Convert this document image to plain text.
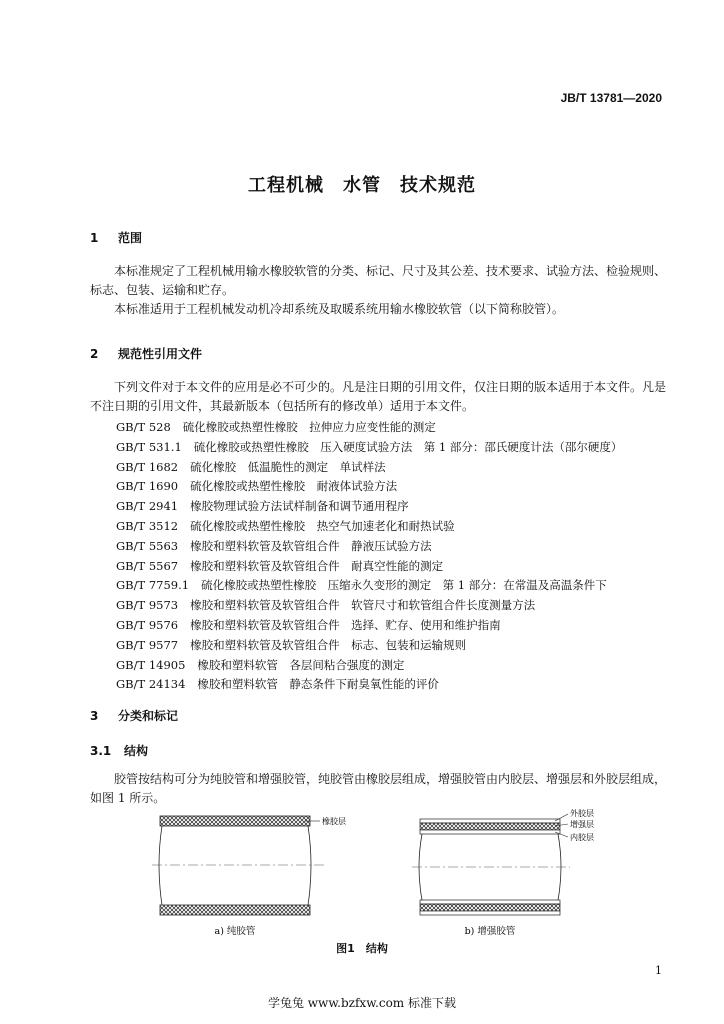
JB/T 13781—2020
工程机械　水管　技术规范
1 范围
本标准规定了工程机械用输水橡胶软管的分类、标记、尺寸及其公差、技术要求、试验方法、检验规则、标志、包装、运输和贮存。
本标准适用于工程机械发动机冷却系统及取暖系统用输水橡胶软管（以下简称胶管）。
2 规范性引用文件
下列文件对于本文件的应用是必不可少的。凡是注日期的引用文件，仅注日期的版本适用于本文件。凡是不注日期的引用文件，其最新版本（包括所有的修改单）适用于本文件。
GB/T 528 硫化橡胶或热塑性橡胶　拉伸应力应变性能的测定
GB/T 531.1 硫化橡胶或热塑性橡胶　压入硬度试验方法　第 1 部分：邵氏硬度计法（邵尔硬度）
GB/T 1682 硫化橡胶　低温脆性的测定　单试样法
GB/T 1690 硫化橡胶或热塑性橡胶　耐液体试验方法
GB/T 2941 橡胶物理试验方法试样制备和调节通用程序
GB/T 3512 硫化橡胶或热塑性橡胶　热空气加速老化和耐热试验
GB/T 5563 橡胶和塑料软管及软管组合件　静液压试验方法
GB/T 5567 橡胶和塑料软管及软管组合件　耐真空性能的测定
GB/T 7759.1 硫化橡胶或热塑性橡胶　压缩永久变形的测定　第 1 部分：在常温及高温条件下
GB/T 9573 橡胶和塑料软管及软管组合件　软管尺寸和软管组合件长度测量方法
GB/T 9576 橡胶和塑料软管及软管组合件　选择、贮存、使用和维护指南
GB/T 9577 橡胶和塑料软管及软管组合件　标志、包装和运输规则
GB/T 14905 橡胶和塑料软管　各层间粘合强度的测定
GB/T 24134 橡胶和塑料软管　静态条件下耐臭氧性能的评价
3 分类和标记
3.1 结构
胶管按结构可分为纯胶管和增强胶管，纯胶管由橡胶层组成，增强胶管由内胶层、增强层和外胶层组成，如图 1 所示。
橡胶层
外胶层
增强层
内胶层
a) 纯胶管	b) 增强胶管
图1　结构
1
学兔兔 www.bzfxw.com 标准下载
